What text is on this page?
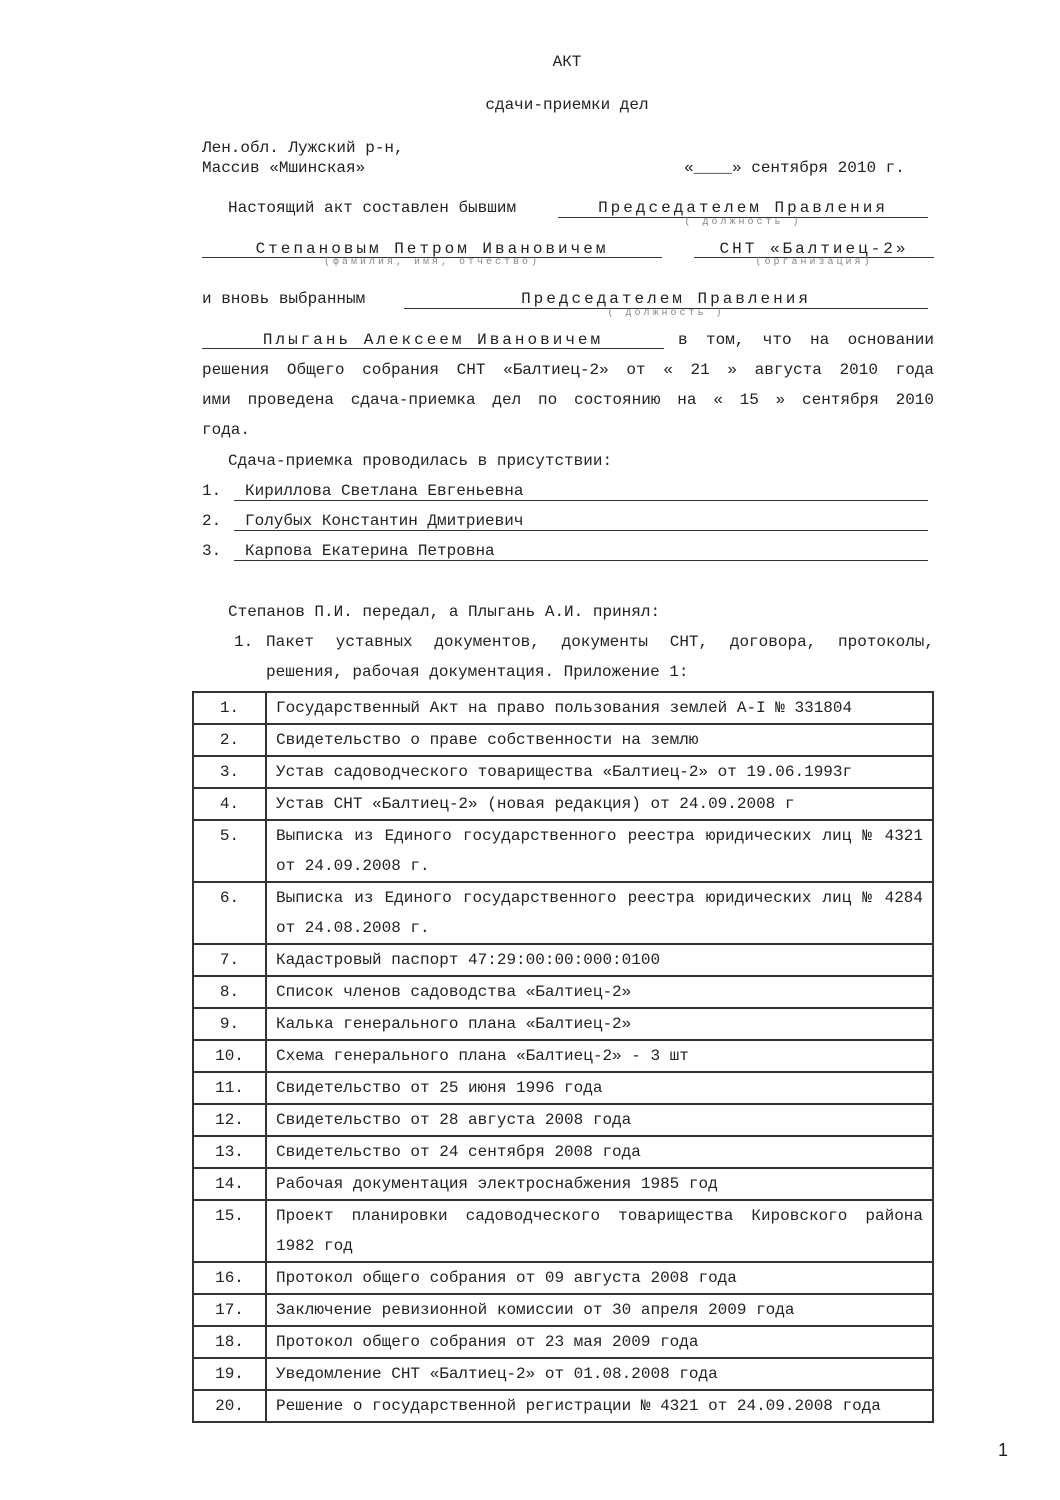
АКТ
сдачи-приемки дел
Лен.обл. Лужский р-н,
Массив «Мшинская»	«____» сентября 2010 г.
Настоящий акт составлен бывшим	Председателем Правления
( должность )
Степановым Петром Ивановичем
(фамилия, имя, отчество)
СНТ «Балтиец-2»
(организация)
и вновь выбранным	Председателем Правления
( должность )
Плыгань Алексеем Ивановичем	в том, что на основании
решения Общего собрания СНТ «Балтиец-2» от « 21 » августа 2010 года
ими проведена сдача-приемка дел по состоянию на « 15 » сентября 2010
года.
Сдача-приемка проводилась в присутствии:
1. Кириллова Светлана Евгеньевна
2. Голубых Константин Дмитриевич
3. Карпова Екатерина Петровна
Степанов П.И. передал, а Плыгань А.И. принял:
1. Пакет уставных документов, документы СНТ, договора, протоколы,
решения, рабочая документация. Приложение 1:
1.	Государственный Акт на право пользования землей А-I № 331804

2.	Свидетельство о праве собственности на землю

3.	Устав садоводческого товарищества «Балтиец-2» от 19.06.1993г

4.	Устав СНТ «Балтиец-2» (новая редакция) от 24.09.2008 г

5.	Выписка из Единого государственного реестра юридических лиц № 4321 от 24.09.2008 г.

6.	Выписка из Единого государственного реестра юридических лиц № 4284 от 24.08.2008 г.

7.	Кадастровый паспорт 47:29:00:00:000:0100

8.	Список членов садоводства «Балтиец-2»

9.	Калька генерального плана «Балтиец-2»

10.	Схема генерального плана «Балтиец-2» - 3 шт

11.	Свидетельство от 25 июня 1996 года

12.	Свидетельство от 28 августа 2008 года

13.	Свидетельство от 24 сентября 2008 года

14.	Рабочая документация электроснабжения 1985 год

15.	Проект планировки садоводческого товарищества Кировского района 1982 год

16.	Протокол общего собрания от 09 августа 2008 года

17.	Заключение ревизионной комиссии от 30 апреля 2009 года

18.	Протокол общего собрания от 23 мая 2009 года

19.	Уведомление СНТ «Балтиец-2» от 01.08.2008 года

20.	Решение о государственной регистрации № 4321 от 24.09.2008 года
1
